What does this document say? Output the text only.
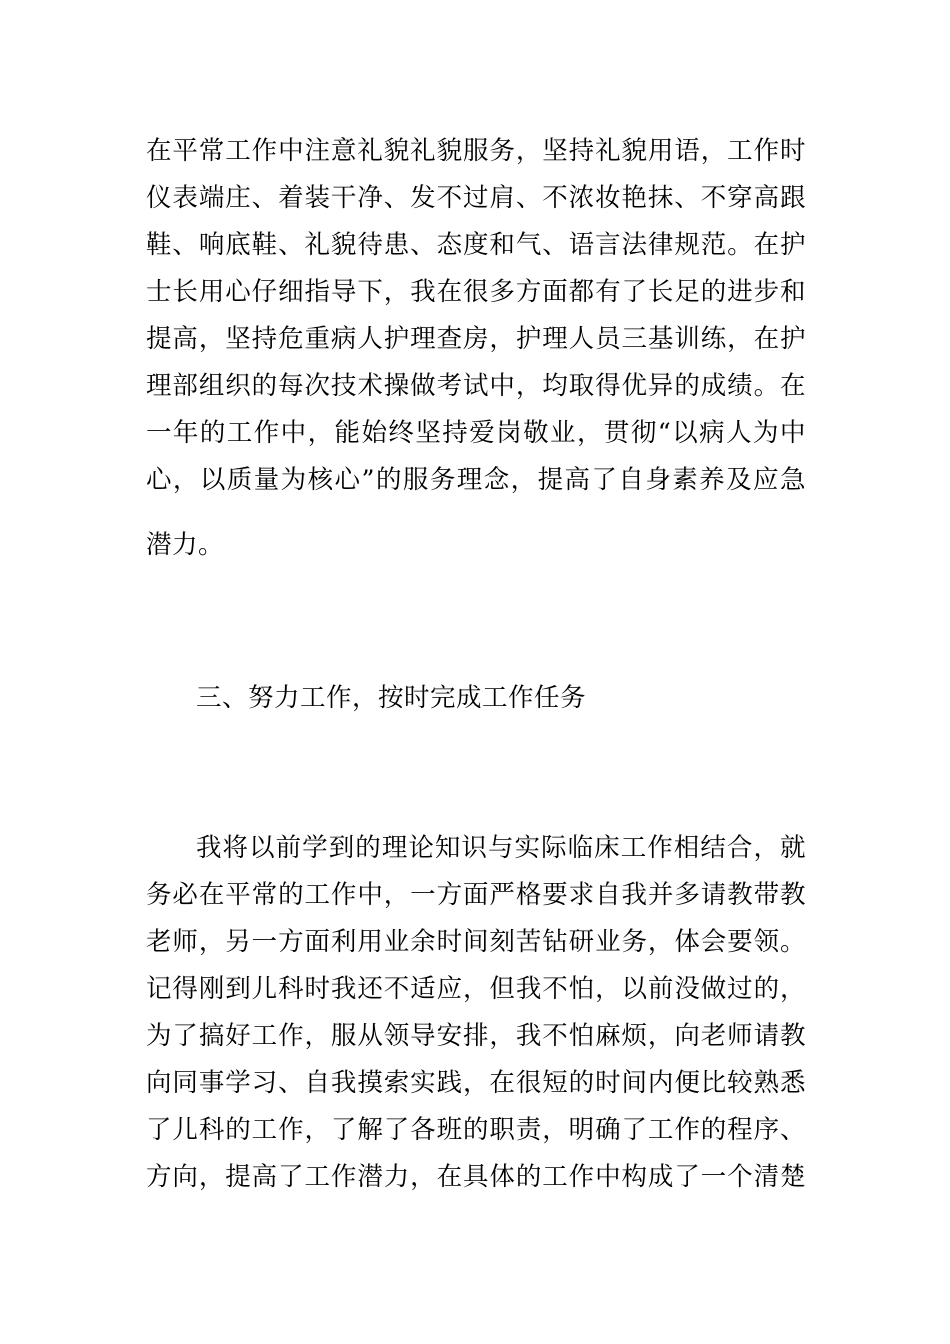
在平常工作中注意礼貌礼貌服务，坚持礼貌用语，工作时
仪表端庄、着装干净、发不过肩、不浓妆艳抹、不穿高跟
鞋、响底鞋、礼貌待患、态度和气、语言法律规范。在护
士长用心仔细指导下，我在很多方面都有了长足的进步和
提高，坚持危重病人护理查房，护理人员三基训练，在护
理部组织的每次技术操做考试中，均取得优异的成绩。在
一年的工作中，能始终坚持爱岗敬业，贯彻“以病人为中
心，以质量为核心”的服务理念，提高了自身素养及应急
潜力。
三、努力工作，按时完成工作任务
我将以前学到的理论知识与实际临床工作相结合，就
务必在平常的工作中，一方面严格要求自我并多请教带教
老师，另一方面利用业余时间刻苦钻研业务，体会要领。
记得刚到儿科时我还不适应，但我不怕，以前没做过的，
为了搞好工作，服从领导安排，我不怕麻烦，向老师请教
向同事学习、自我摸索实践，在很短的时间内便比较熟悉
了儿科的工作，了解了各班的职责，明确了工作的程序、
方向，提高了工作潜力，在具体的工作中构成了一个清楚
